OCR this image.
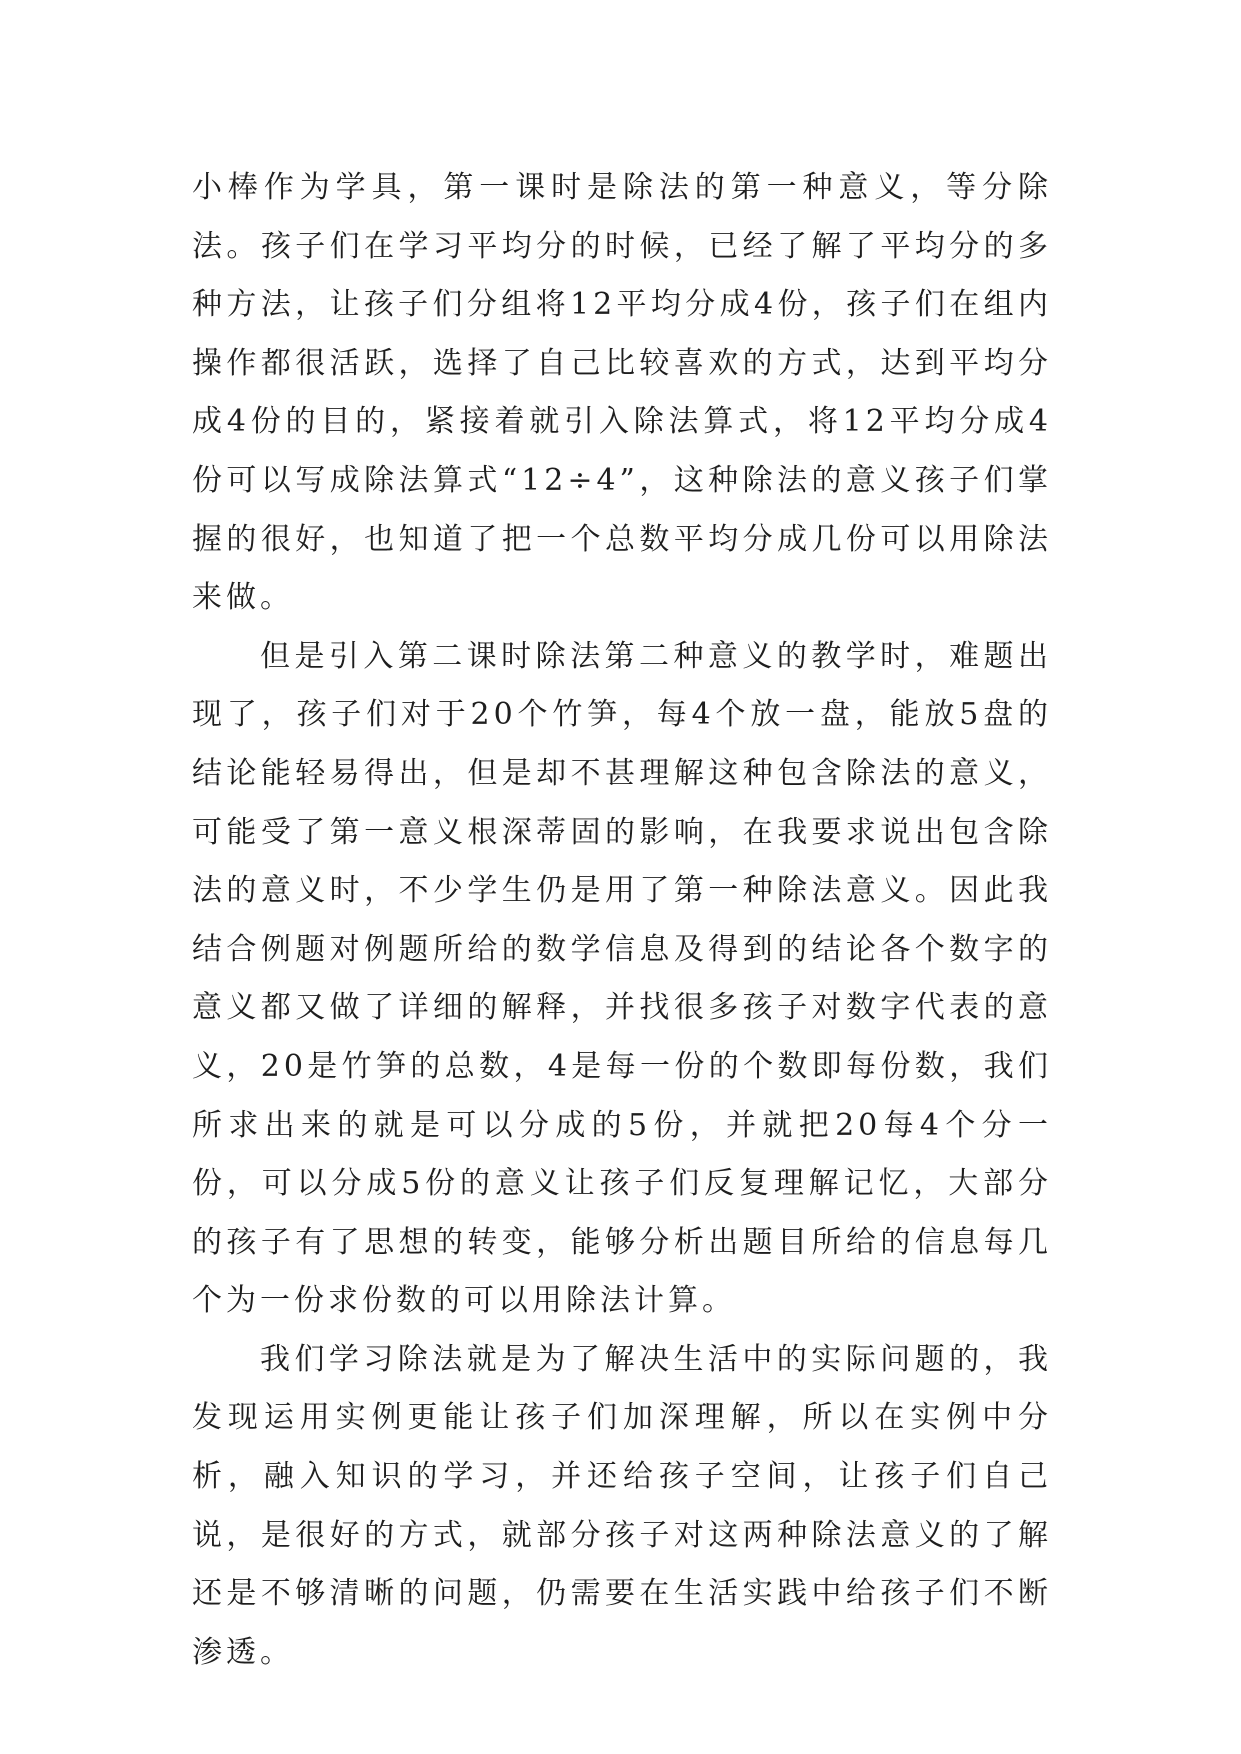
小棒作为学具，第一课时是除法的第一种意义，等分除法。孩子们在学习平均分的时候，已经了解了平均分的多种方法，让孩子们分组将12平均分成4份，孩子们在组内操作都很活跃，选择了自己比较喜欢的方式，达到平均分成4份的目的，紧接着就引入除法算式，将12平均分成4份可以写成除法算式“12÷4”，这种除法的意义孩子们掌握的很好，也知道了把一个总数平均分成几份可以用除法来做。

但是引入第二课时除法第二种意义的教学时，难题出现了，孩子们对于20个竹笋，每4个放一盘，能放5盘的结论能轻易得出，但是却不甚理解这种包含除法的意义，可能受了第一意义根深蒂固的影响，在我要求说出包含除法的意义时，不少学生仍是用了第一种除法意义。因此我结合例题对例题所给的数学信息及得到的结论各个数字的意义都又做了详细的解释，并找很多孩子对数字代表的意义，20是竹笋的总数，4是每一份的个数即每份数，我们所求出来的就是可以分成的5份，并就把20每4个分一份，可以分成5份的意义让孩子们反复理解记忆，大部分的孩子有了思想的转变，能够分析出题目所给的信息每几个为一份求份数的可以用除法计算。

我们学习除法就是为了解决生活中的实际问题的，我发现运用实例更能让孩子们加深理解，所以在实例中分析，融入知识的学习，并还给孩子空间，让孩子们自己说，是很好的方式，就部分孩子对这两种除法意义的了解还是不够清晰的问题，仍需要在生活实践中给孩子们不断渗透。
